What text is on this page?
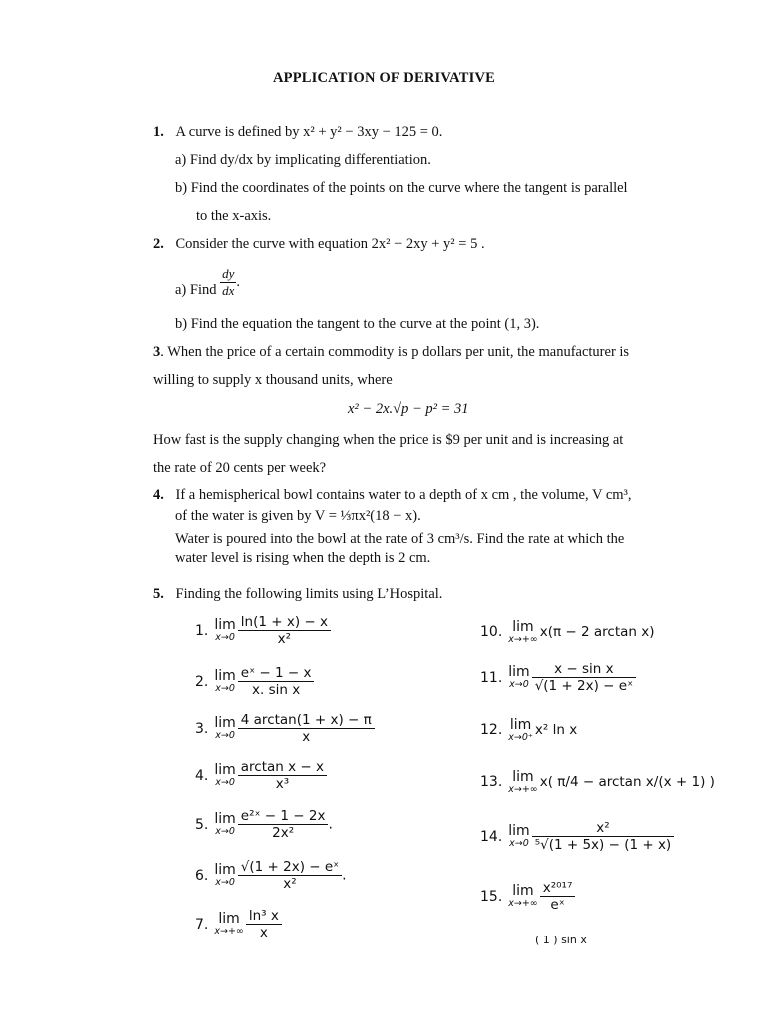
APPLICATION OF DERIVATIVE
1. A curve is defined by x² + y² − 3xy − 125 = 0.
a) Find dy/dx by implicating differentiation.
b) Find the coordinates of the points on the curve where the tangent is parallel
to the x-axis.
2. Consider the curve with equation 2x² − 2xy + y² = 5 .
a) Find $\frac{dy}{dx}$ .
b) Find the equation the tangent to the curve at the point (1, 3).
3. When the price of a certain commodity is p dollars per unit, the manufacturer is
willing to supply x thousand units, where
x² − 2x.√p − p² = 31
How fast is the supply changing when the price is $9 per unit and is increasing at
the rate of 20 cents per week?
4. If a hemispherical bowl contains water to a depth of x cm , the volume, V cm³,
of the water is given by V = ⅓πx²(18 − x).
Water is poured into the bowl at the rate of 3 cm³/s. Find the rate at which the
water level is rising when the depth is 2 cm.
5. Finding the following limits using L’Hospital.
1. lim
$x\to 0 \frac{\ln(1 + x) - x}{\text{x²}}$
2. lim
$x\to 0 \frac{\text{eˣ − 1 − x}}{\text{x. sin x}}$
3. lim
$x\to 0 \frac{4 \arctan(1 + x) - \pi}{x}$
4. lim
$x\to 0 \frac{\text{arctan x − x}}{\text{x³}}$
5. lim
$x\to 0 \frac{\text{e²ˣ − 1 − 2x}}{\text{2x²}}$ .
6. lim
$x\to 0 \frac{\text{√(1 + 2x) − eˣ}}{\text{x²}}$ .
7. lim
$x\to+\infty \frac{\text{ln³ x}}{x}$
10. lim
x→+∞ x(π − 2 arctan x)
11. lim
$x\to 0 \frac{\text{x − sin x}}{\text{√(1 + 2x) − eˣ}}$
12. lim
x→0⁺ x² ln x
13. lim
x→+∞ x( π/4 − arctan x/(x + 1) )
14. lim
$x\to 0 \frac{\text{x²}}{\text{⁵√(1 + 5x) − (1 + x)}}$
15. lim
$x\to+\infty \frac{\text{x²⁰¹⁷}}{\text{eˣ}}$
( 1 ) sin x
